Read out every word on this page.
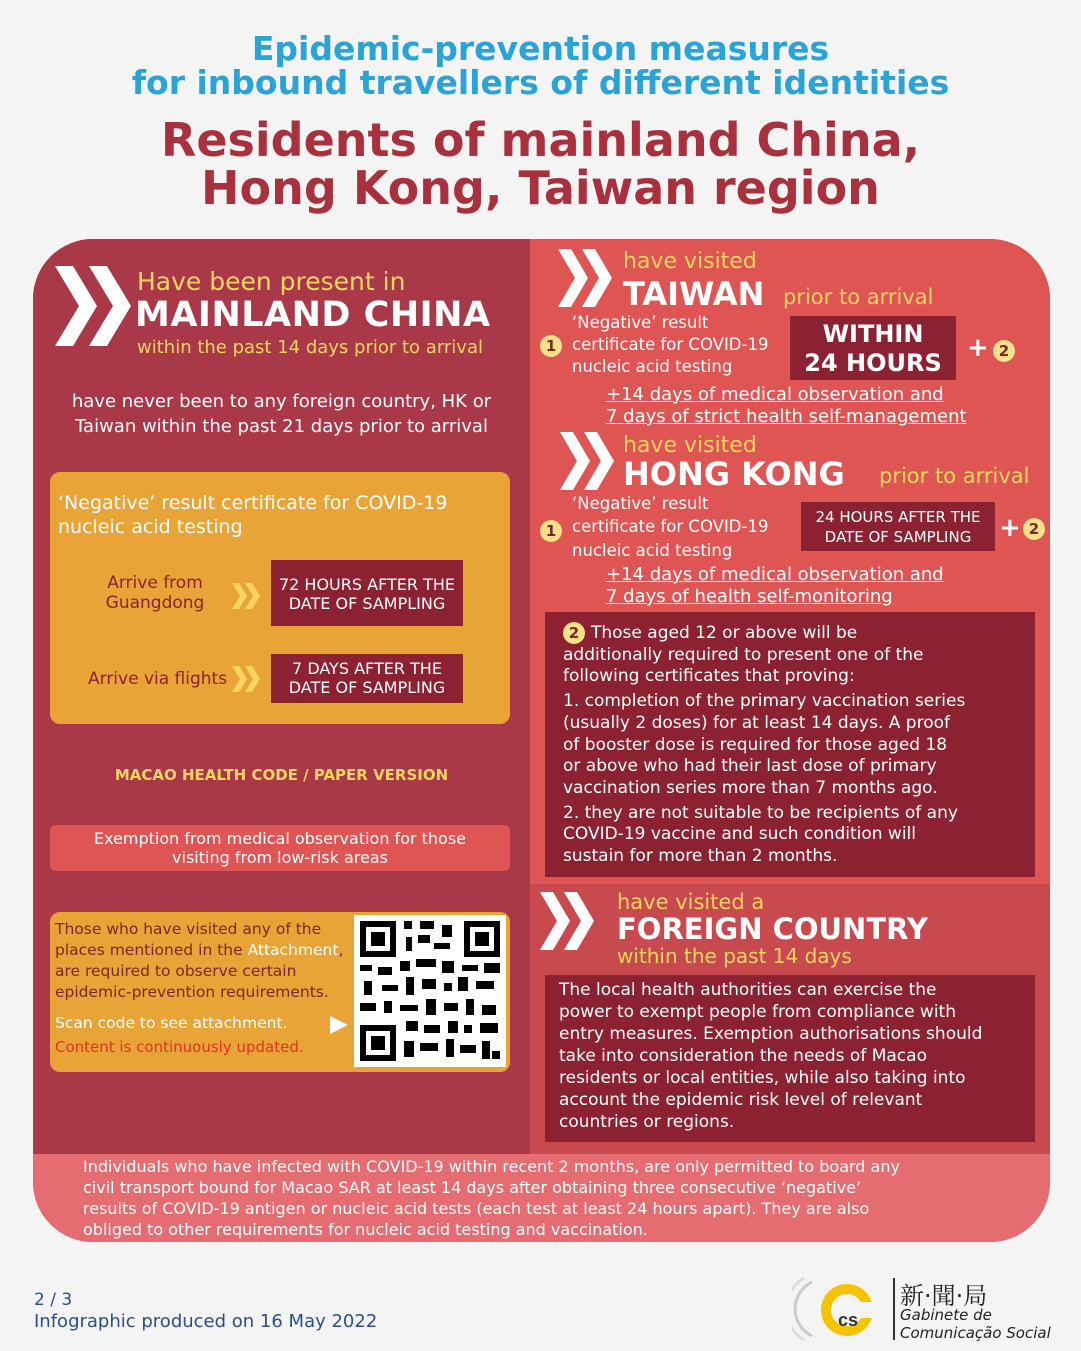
Epidemic-prevention measures
for inbound travellers of different identities
Residents of mainland China,
Hong Kong, Taiwan region
Have been present in
MAINLAND CHINA
within the past 14 days prior to arrival
have never been to any foreign country, HK or
Taiwan within the past 21 days prior to arrival
‘Negative’ result certificate for COVID-19
nucleic acid testing
Arrive from
Guangdong
72 HOURS AFTER THE
DATE OF SAMPLING
Arrive via flights
7 DAYS AFTER THE
DATE OF SAMPLING
MACAO HEALTH CODE / PAPER VERSION
Exemption from medical observation for those
visiting from low-risk areas
Those who have visited any of the
places mentioned in the Attachment,
are required to observe certain
epidemic-prevention requirements.
Scan code to see attachment.
Content is continuously updated.
have visited
TAIWAN prior to arrival
1
‘Negative’ result
certificate for COVID-19
nucleic acid testing
WITHIN
24 HOURS + 2
+14 days of medical observation and
7 days of strict health self-management
have visited
HONG KONG prior to arrival
1
‘Negative’ result
certificate for COVID-19
nucleic acid testing
24 HOURS AFTER THE
DATE OF SAMPLING	+ 2
+14 days of medical observation and
7 days of health self-monitoring
2 Those aged 12 or above will be
additionally required to present one of the
following certificates that proving:
1. completion of the primary vaccination series
(usually 2 doses) for at least 14 days. A proof
of booster dose is required for those aged 18
or above who had their last dose of primary
vaccination series more than 7 months ago.
2. they are not suitable to be recipients of any
COVID-19 vaccine and such condition will
sustain for more than 2 months.
have visited a
FOREIGN COUNTRY
within the past 14 days
The local health authorities can exercise the
power to exempt people from compliance with
entry measures. Exemption authorisations should
take into consideration the needs of Macao
residents or local entities, while also taking into
account the epidemic risk level of relevant
countries or regions.
Individuals who have infected with COVID-19 within recent 2 months, are only permitted to board any
civil transport bound for Macao SAR at least 14 days after obtaining three consecutive ‘negative’
results of COVID-19 antigen or nucleic acid tests (each test at least 24 hours apart). They are also
obliged to other requirements for nucleic acid testing and vaccination.
2 / 3
Infographic produced on 16 May 2022	cs
新·聞·局
Gabinete de
Comunicação Social
